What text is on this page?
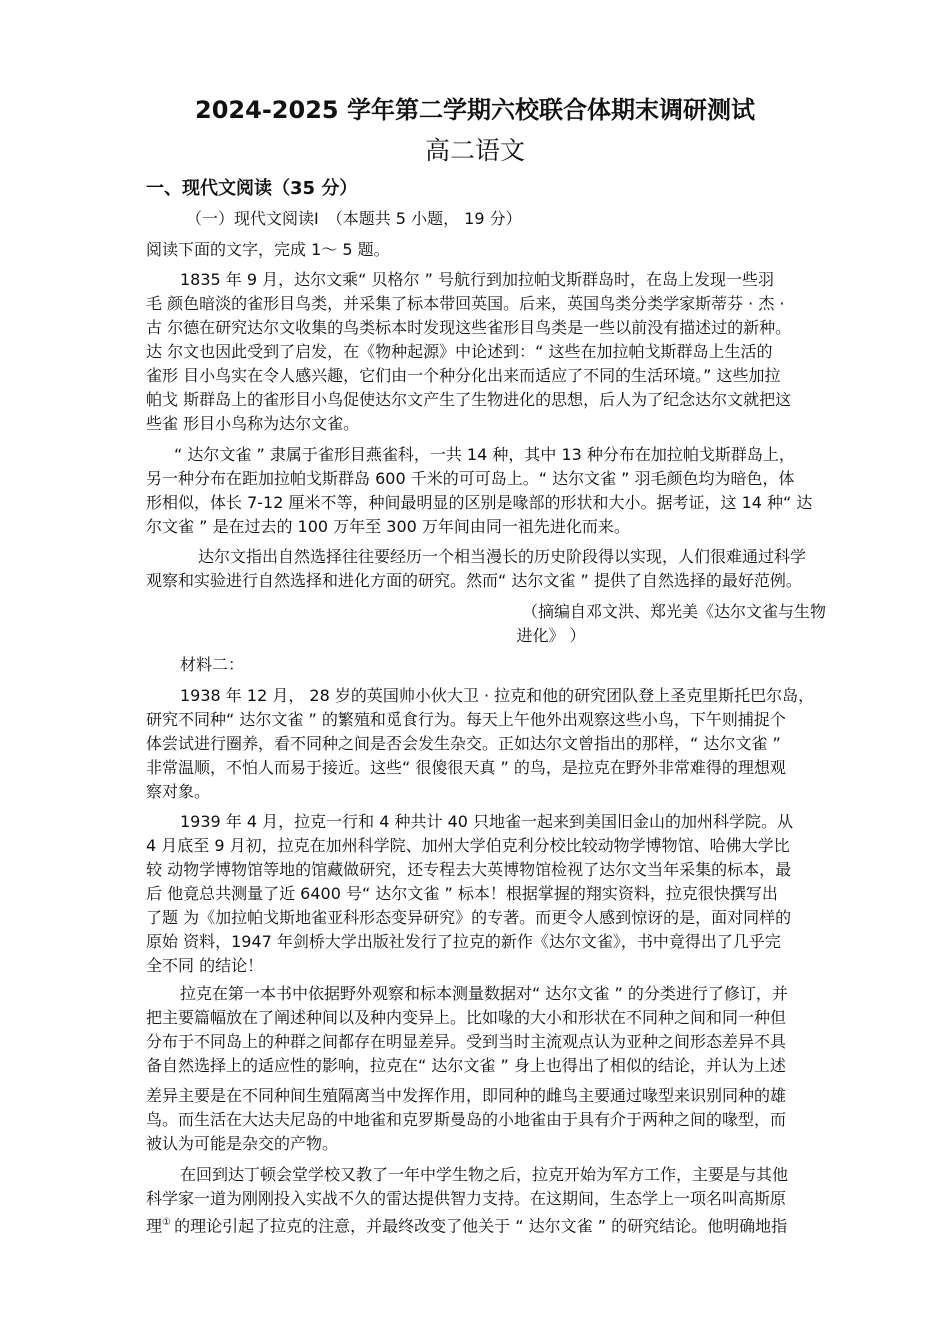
2024-2025 学年第二学期六校联合体期末调研测试
高二语文
一、现代文阅读（35 分）
（一）现代文阅读Ⅰ　（本题共 5 小题， 19 分）
阅读下面的文字，完成 1～ 5 题。
1835 年 9 月，达尔文乘“ 贝格尔 ” 号航行到加拉帕戈斯群岛时，在岛上发现一些羽
毛 颜色暗淡的雀形目鸟类，并采集了标本带回英国。后来，英国鸟类分类学家斯蒂芬 · 杰 ·
古 尔德在研究达尔文收集的鸟类标本时发现这些雀形目鸟类是一些以前没有描述过的新种。
达 尔文也因此受到了启发，在《物种起源》中论述到：“ 这些在加拉帕戈斯群岛上生活的
雀形 目小鸟实在令人感兴趣，它们由一个种分化出来而适应了不同的生活环境。” 这些加拉
帕戈 斯群岛上的雀形目小鸟促使达尔文产生了生物进化的思想，后人为了纪念达尔文就把这
些雀 形目小鸟称为达尔文雀。
“ 达尔文雀 ” 隶属于雀形目燕雀科，一共 14 种，其中 13 种分布在加拉帕戈斯群岛上，
另一种分布在距加拉帕戈斯群岛 600 千米的可可岛上。“ 达尔文雀 ” 羽毛颜色均为暗色，体
形相似，体长 7-12 厘米不等，种间最明显的区别是喙部的形状和大小。据考证，这 14 种“ 达
尔文雀 ” 是在过去的 100 万年至 300 万年间由同一祖先进化而来。
达尔文指出自然选择往往要经历一个相当漫长的历史阶段得以实现，人们很难通过科学
观察和实验进行自然选择和进化方面的研究。然而“ 达尔文雀 ” 提供了自然选择的最好范例。
（摘编自邓文洪、郑光美《达尔文雀与生物
进化》 ）
材料二：
1938 年 12 月， 28 岁的英国帅小伙大卫 · 拉克和他的研究团队登上圣克里斯托巴尔岛，
研究不同种“ 达尔文雀 ” 的繁殖和觅食行为。每天上午他外出观察这些小鸟，下午则捕捉个
体尝试进行圈养，看不同种之间是否会发生杂交。正如达尔文曾指出的那样，“ 达尔文雀 ”
非常温顺，不怕人而易于接近。这些“ 很傻很天真 ” 的鸟，是拉克在野外非常难得的理想观
察对象。
1939 年 4 月，拉克一行和 4 种共计 40 只地雀一起来到美国旧金山的加州科学院。从
4 月底至 9 月初，拉克在加州科学院、加州大学伯克利分校比较动物学博物馆、哈佛大学比
较 动物学博物馆等地的馆藏做研究，还专程去大英博物馆检视了达尔文当年采集的标本，最
后 他竟总共测量了近 6400 号“ 达尔文雀 ” 标本！根据掌握的翔实资料，拉克很快撰写出
了题 为《加拉帕戈斯地雀亚科形态变异研究》的专著。而更令人感到惊讶的是，面对同样的
原始 资料，1947 年剑桥大学出版社发行了拉克的新作《达尔文雀》，书中竟得出了几乎完
全不同 的结论！
拉克在第一本书中依据野外观察和标本测量数据对“ 达尔文雀 ” 的分类进行了修订，并
把主要篇幅放在了阐述种间以及种内变异上。比如喙的大小和形状在不同种之间和同一种但
分布于不同岛上的种群之间都存在明显差异。受到当时主流观点认为亚种之间形态差异不具
备自然选择上的适应性的影响，拉克在“ 达尔文雀 ” 身上也得出了相似的结论，并认为上述
差异主要是在不同种间生殖隔离当中发挥作用，即同种的雌鸟主要通过喙型来识别同种的雄
鸟。而生活在大达夫尼岛的中地雀和克罗斯曼岛的小地雀由于具有介于两种之间的喙型，而
被认为可能是杂交的产物。
在回到达丁顿会堂学校又教了一年中学生物之后，拉克开始为军方工作，主要是与其他
科学家一道为刚刚投入实战不久的雷达提供智力支持。在这期间，生态学上一项名叫高斯原
理① 的理论引起了拉克的注意，并最终改变了他关于 “ 达尔文雀 ” 的研究结论。他明确地指
